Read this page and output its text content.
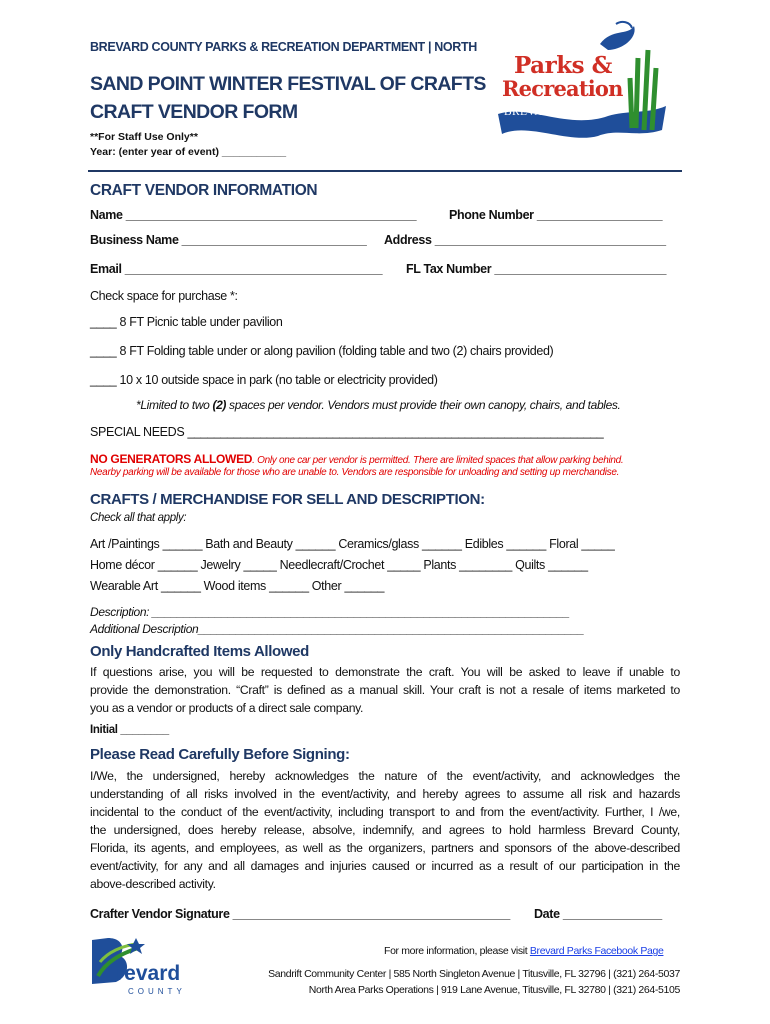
BREVARD COUNTY PARKS & RECREATION DEPARTMENT | NORTH
SAND POINT WINTER FESTIVAL OF CRAFTS
CRAFT VENDOR FORM
**For Staff Use Only**
Year: (enter year of event) ___________
Parks &
Recreation
BREVARD COUNTY
CRAFT VENDOR INFORMATION
Name ____________________________________________	Phone Number ___________________
Business Name ____________________________ Address ___________________________________
Email _______________________________________ FL Tax Number __________________________
Check space for purchase *:
____ 8 FT Picnic table under pavilion
____ 8 FT Folding table under or along pavilion (folding table and two (2) chairs provided)
____ 10 x 10 outside space in park (no table or electricity provided)
*Limited to two (2) spaces per vendor. Vendors must provide their own canopy, chairs, and tables.
SPECIAL NEEDS _______________________________________________________________
NO GENERATORS ALLOWED. Only one car per vendor is permitted. There are limited spaces that allow parking behind.
Nearby parking will be available for those who are unable to. Vendors are responsible for unloading and setting up merchandise.
CRAFTS / MERCHANDISE FOR SELL AND DESCRIPTION:
Check all that apply:
Art /Paintings ______ Bath and Beauty ______ Ceramics/glass ______ Edibles ______ Floral _____
Home décor ______ Jewelry _____ Needlecraft/Crochet _____ Plants ________ Quilts ______
Wearable Art ______ Wood items ______ Other ______
Description: __________________________________________________________________
Additional Description_____________________________________________________________
Only Handcrafted Items Allowed
If questions arise, you will be requested to demonstrate the craft. You will be asked to leave if unable to
provide the demonstration. “Craft” is defined as a manual skill. Your craft is not a resale of items marketed to
you as a vendor or products of a direct sale company.
Initial ________
Please Read Carefully Before Signing:
I/We, the undersigned, hereby acknowledges the nature of the event/activity, and acknowledges the
understanding of all risks involved in the event/activity, and hereby agrees to assume all risk and hazards
incidental to the conduct of the event/activity, including transport to and from the event/activity. Further, I /we,
the undersigned, does hereby release, absolve, indemnify, and agrees to hold harmless Brevard County,
Florida, its agents, and employees, as well as the organizers, partners and sponsors of the above-described
event/activity, for any and all damages and injuries caused or incurred as a result of our participation in the
above-described activity.
Crafter Vendor Signature __________________________________________ Date _______________
revard
COUNTY
For more information, please visit Brevard Parks Facebook Page
Sandrift Community Center | 585 North Singleton Avenue | Titusville, FL 32796 | (321) 264-5037
North Area Parks Operations | 919 Lane Avenue, Titusville, FL 32780 | (321) 264-5105
